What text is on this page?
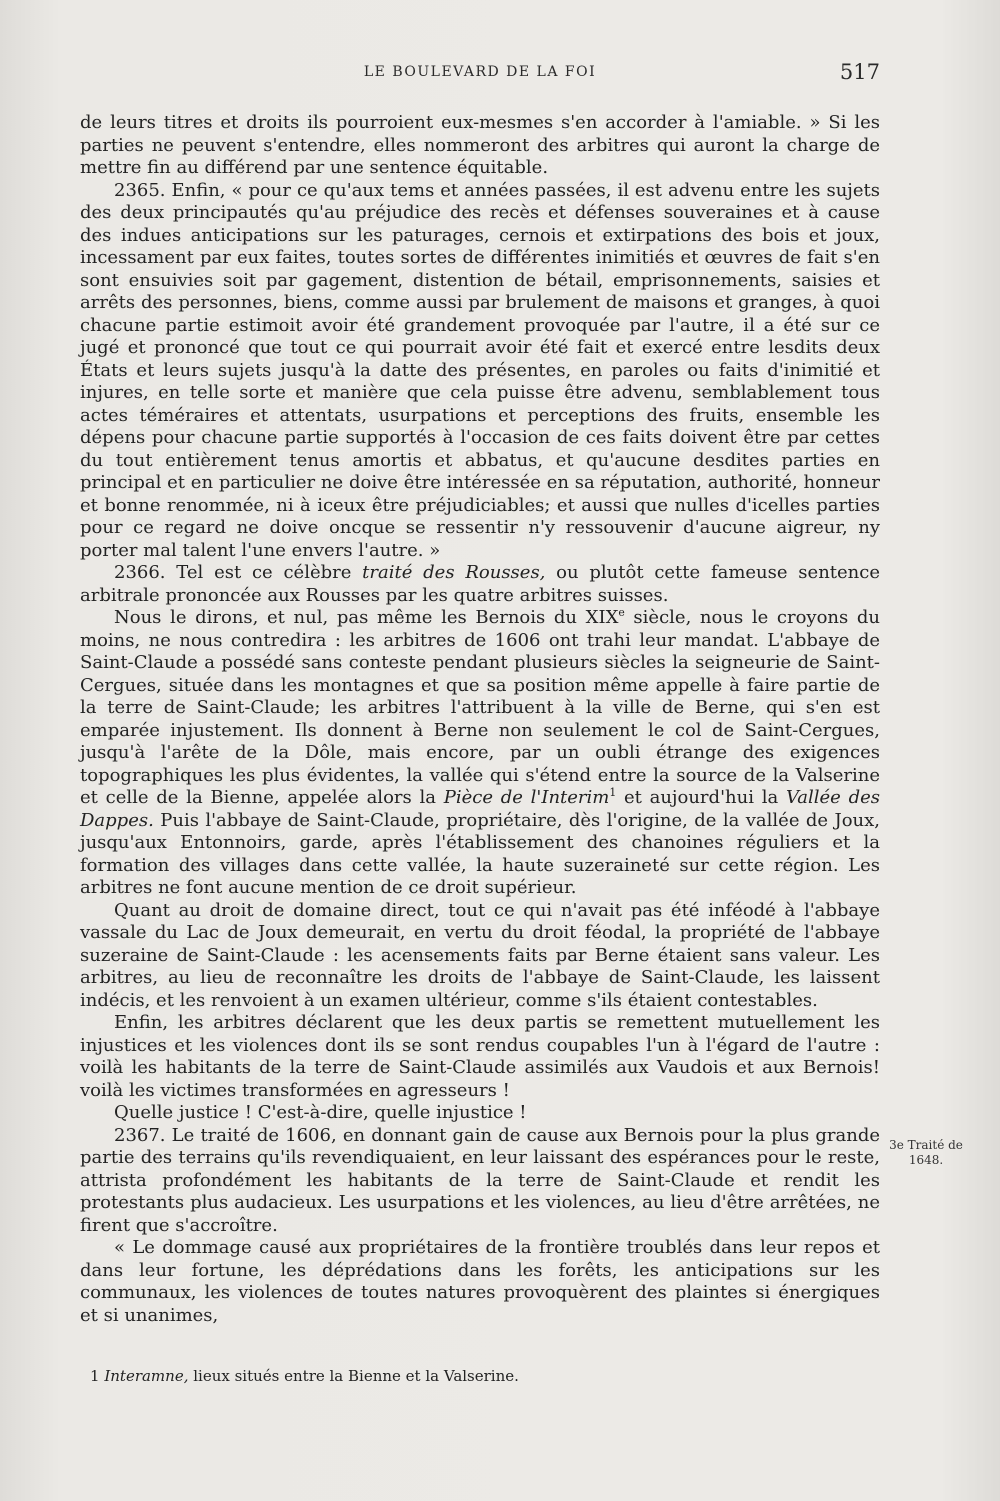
LE BOULEVARD DE LA FOI	517

de leurs titres et droits ils pourroient eux-mesmes s'en accorder à l'amiable. » Si les parties ne peuvent s'entendre, elles nommeront des arbitres qui auront la charge de mettre fin au différend par une sentence équitable.

2365. Enfin, « pour ce qu'aux tems et années passées, il est advenu entre les sujets des deux principautés qu'au préjudice des recès et défenses souveraines et à cause des indues anticipations sur les paturages, cernois et extirpations des bois et joux, incessament par eux faites, toutes sortes de différentes inimitiés et œuvres de fait s'en sont ensuivies soit par gagement, distention de bétail, emprisonnements, saisies et arrêts des personnes, biens, comme aussi par brulement de maisons et granges, à quoi chacune partie estimoit avoir été grandement provoquée par l'autre, il a été sur ce jugé et prononcé que tout ce qui pourrait avoir été fait et exercé entre lesdits deux États et leurs sujets jusqu'à la datte des présentes, en paroles ou faits d'inimitié et injures, en telle sorte et manière que cela puisse être advenu, semblablement tous actes téméraires et attentats, usurpations et perceptions des fruits, ensemble les dépens pour chacune partie supportés à l'occasion de ces faits doivent être par cettes du tout entièrement tenus amortis et abbatus, et qu'aucune desdites parties en principal et en particulier ne doive être intéressée en sa réputation, authorité, honneur et bonne renommée, ni à iceux être préjudiciables; et aussi que nulles d'icelles parties pour ce regard ne doive oncque se ressentir n'y ressouvenir d'aucune aigreur, ny porter mal talent l'une envers l'autre. »

2366. Tel est ce célèbre traité des Rousses, ou plutôt cette fameuse sentence arbitrale prononcée aux Rousses par les quatre arbitres suisses.

Nous le dirons, et nul, pas même les Bernois du XIXe siècle, nous le croyons du moins, ne nous contredira : les arbitres de 1606 ont trahi leur mandat. L'abbaye de Saint-Claude a possédé sans conteste pendant plusieurs siècles la seigneurie de Saint-Cergues, située dans les montagnes et que sa position même appelle à faire partie de la terre de Saint-Claude; les arbitres l'attribuent à la ville de Berne, qui s'en est emparée injustement. Ils donnent à Berne non seulement le col de Saint-Cergues, jusqu'à l'arête de la Dôle, mais encore, par un oubli étrange des exigences topographiques les plus évidentes, la vallée qui s'étend entre la source de la Valserine et celle de la Bienne, appelée alors la Pièce de l'Interim$^1$ et aujourd'hui la Vallée des Dappes. Puis l'abbaye de Saint-Claude, propriétaire, dès l'origine, de la vallée de Joux, jusqu'aux Entonnoirs, garde, après l'établissement des chanoines réguliers et la formation des villages dans cette vallée, la haute suzeraineté sur cette région. Les arbitres ne font aucune mention de ce droit supérieur.

Quant au droit de domaine direct, tout ce qui n'avait pas été inféodé à l'abbaye vassale du Lac de Joux demeurait, en vertu du droit féodal, la propriété de l'abbaye suzeraine de Saint-Claude : les acensements faits par Berne étaient sans valeur. Les arbitres, au lieu de reconnaître les droits de l'abbaye de Saint-Claude, les laissent indécis, et les renvoient à un examen ultérieur, comme s'ils étaient contestables.

Enfin, les arbitres déclarent que les deux partis se remettent mutuellement les injustices et les violences dont ils se sont rendus coupables l'un à l'égard de l'autre : voilà les habitants de la terre de Saint-Claude assimilés aux Vaudois et aux Bernois! voilà les victimes transformées en agresseurs !

Quelle justice ! C'est-à-dire, quelle injustice !

2367. Le traité de 1606, en donnant gain de cause aux Bernois pour la plus grande partie des terrains qu'ils revendiquaient, en leur laissant des espérances pour le reste, attrista profondément les habitants de la terre de Saint-Claude et rendit les protestants plus audacieux. Les usurpations et les violences, au lieu d'être arrêtées, ne firent que s'accroître.

« Le dommage causé aux propriétaires de la frontière troublés dans leur repos et dans leur fortune, les déprédations dans les forêts, les anticipations sur les communaux, les violences de toutes natures provoquèrent des plaintes si énergiques et si unanimes,

3e Traité de 1648.
1 Interamne, lieux situés entre la Bienne et la Valserine.
